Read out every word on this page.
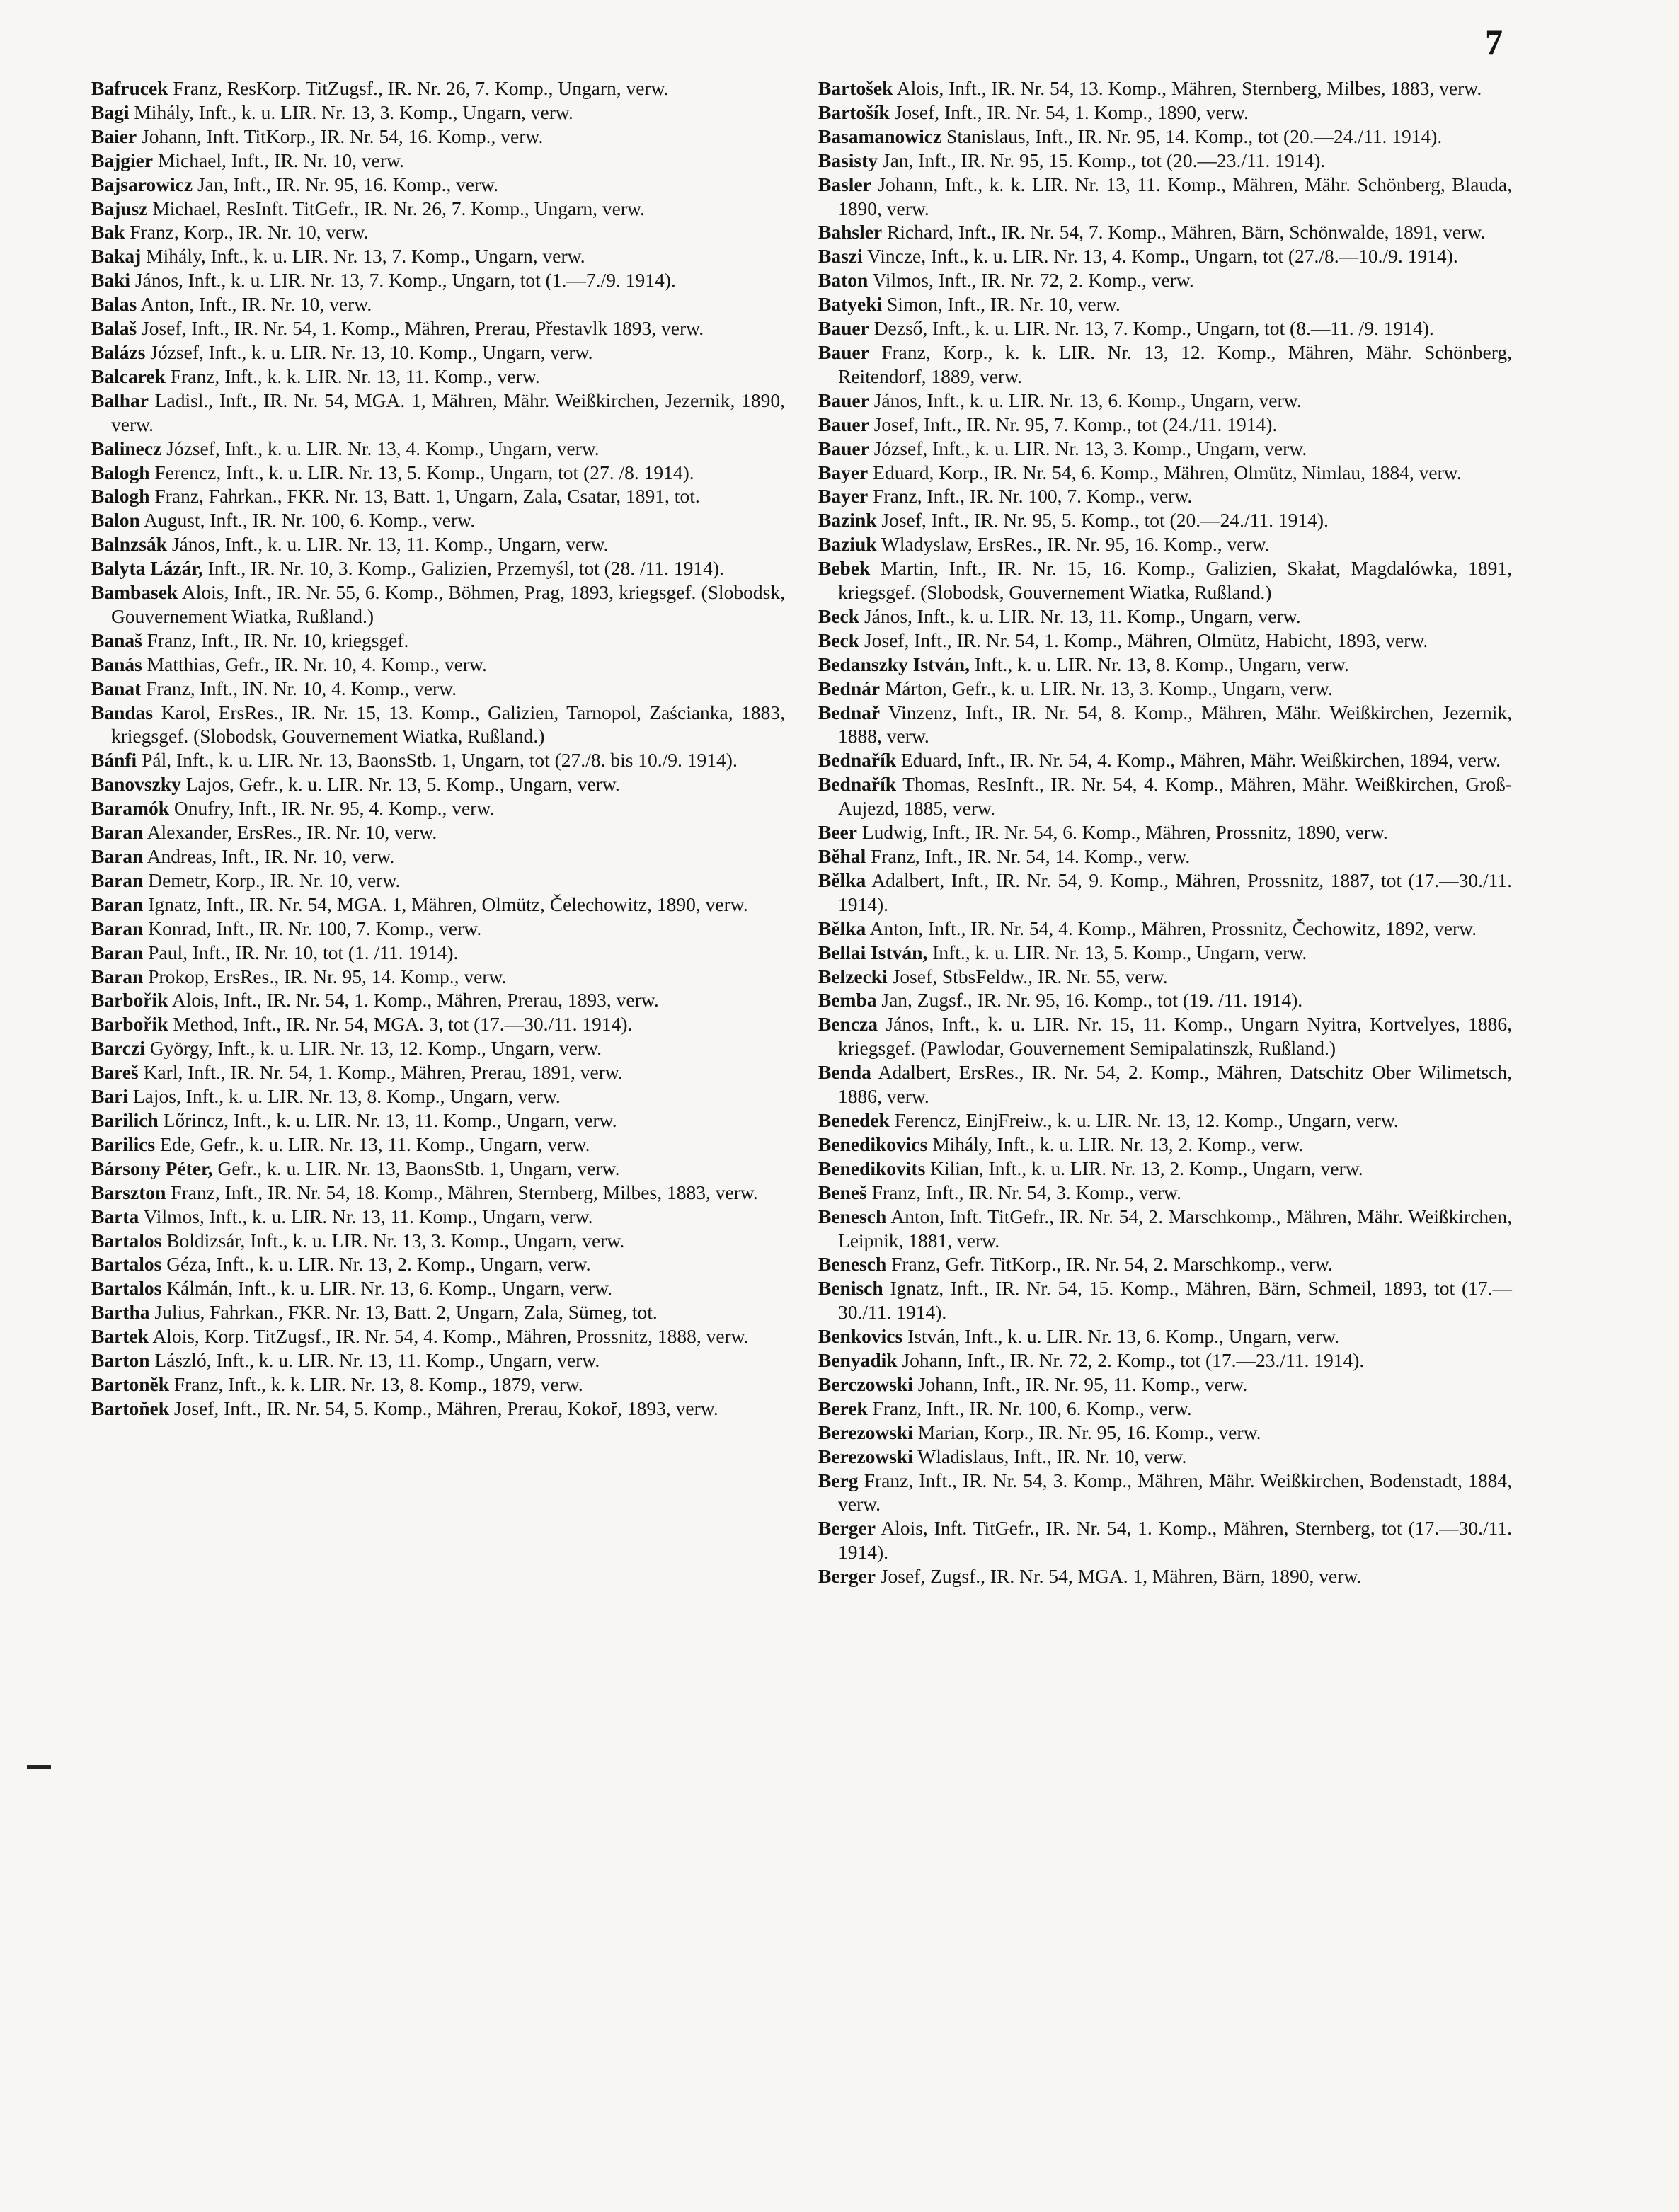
7

Bafrucek Franz, ResKorp. TitZugsf., IR. Nr. 26, 7. Komp., Ungarn, verw.

Bagi Mihály, Inft., k. u. LIR. Nr. 13, 3. Komp., Ungarn, verw.

Baier Johann, Inft. TitKorp., IR. Nr. 54, 16. Komp., verw.

Bajgier Michael, Inft., IR. Nr. 10, verw.

Bajsarowicz Jan, Inft., IR. Nr. 95, 16. Komp., verw.

Bajusz Michael, ResInft. TitGefr., IR. Nr. 26, 7. Komp., Ungarn, verw.

Bak Franz, Korp., IR. Nr. 10, verw.

Bakaj Mihály, Inft., k. u. LIR. Nr. 13, 7. Komp., Ungarn, verw.

Baki János, Inft., k. u. LIR. Nr. 13, 7. Komp., Ungarn, tot (1.—7./9. 1914).

Balas Anton, Inft., IR. Nr. 10, verw.

Balaš Josef, Inft., IR. Nr. 54, 1. Komp., Mähren, Prerau, Přestavlk 1893, verw.

Balázs József, Inft., k. u. LIR. Nr. 13, 10. Komp., Ungarn, verw.

Balcarek Franz, Inft., k. k. LIR. Nr. 13, 11. Komp., verw.

Balhar Ladisl., Inft., IR. Nr. 54, MGA. 1, Mähren, Mähr. Weißkirchen, Jezernik, 1890, verw.

Balinecz József, Inft., k. u. LIR. Nr. 13, 4. Komp., Ungarn, verw.

Balogh Ferencz, Inft., k. u. LIR. Nr. 13, 5. Komp., Ungarn, tot (27. /8. 1914).

Balogh Franz, Fahrkan., FKR. Nr. 13, Batt. 1, Ungarn, Zala, Csatar, 1891, tot.

Balon August, Inft., IR. Nr. 100, 6. Komp., verw.

Balnzsák János, Inft., k. u. LIR. Nr. 13, 11. Komp., Ungarn, verw.

Balyta Lázár, Inft., IR. Nr. 10, 3. Komp., Galizien, Przemyśl, tot (28. /11. 1914).

Bambasek Alois, Inft., IR. Nr. 55, 6. Komp., Böhmen, Prag, 1893, kriegsgef. (Slobodsk, Gouvernement Wiatka, Rußland.)

Banaš Franz, Inft., IR. Nr. 10, kriegsgef.

Banás Matthias, Gefr., IR. Nr. 10, 4. Komp., verw.

Banat Franz, Inft., IN. Nr. 10, 4. Komp., verw.

Bandas Karol, ErsRes., IR. Nr. 15, 13. Komp., Galizien, Tarnopol, Zaścianka, 1883, kriegsgef. (Slobodsk, Gouvernement Wiatka, Rußland.)

Bánfi Pál, Inft., k. u. LIR. Nr. 13, BaonsStb. 1, Ungarn, tot (27./8. bis 10./9. 1914).

Banovszky Lajos, Gefr., k. u. LIR. Nr. 13, 5. Komp., Ungarn, verw.

Baramók Onufry, Inft., IR. Nr. 95, 4. Komp., verw.

Baran Alexander, ErsRes., IR. Nr. 10, verw.

Baran Andreas, Inft., IR. Nr. 10, verw.

Baran Demetr, Korp., IR. Nr. 10, verw.

Baran Ignatz, Inft., IR. Nr. 54, MGA. 1, Mähren, Olmütz, Čelechowitz, 1890, verw.

Baran Konrad, Inft., IR. Nr. 100, 7. Komp., verw.

Baran Paul, Inft., IR. Nr. 10, tot (1. /11. 1914).

Baran Prokop, ErsRes., IR. Nr. 95, 14. Komp., verw.

Barbořik Alois, Inft., IR. Nr. 54, 1. Komp., Mähren, Prerau, 1893, verw.

Barbořik Method, Inft., IR. Nr. 54, MGA. 3, tot (17.—30./11. 1914).

Barczi György, Inft., k. u. LIR. Nr. 13, 12. Komp., Ungarn, verw.

Bareš Karl, Inft., IR. Nr. 54, 1. Komp., Mähren, Prerau, 1891, verw.

Bari Lajos, Inft., k. u. LIR. Nr. 13, 8. Komp., Ungarn, verw.

Barilich Lőrincz, Inft., k. u. LIR. Nr. 13, 11. Komp., Ungarn, verw.

Barilics Ede, Gefr., k. u. LIR. Nr. 13, 11. Komp., Ungarn, verw.

Bársony Péter, Gefr., k. u. LIR. Nr. 13, BaonsStb. 1, Ungarn, verw.

Barszton Franz, Inft., IR. Nr. 54, 18. Komp., Mähren, Sternberg, Milbes, 1883, verw.

Barta Vilmos, Inft., k. u. LIR. Nr. 13, 11. Komp., Ungarn, verw.

Bartalos Boldizsár, Inft., k. u. LIR. Nr. 13, 3. Komp., Ungarn, verw.

Bartalos Géza, Inft., k. u. LIR. Nr. 13, 2. Komp., Ungarn, verw.

Bartalos Kálmán, Inft., k. u. LIR. Nr. 13, 6. Komp., Ungarn, verw.

Bartha Julius, Fahrkan., FKR. Nr. 13, Batt. 2, Ungarn, Zala, Sümeg, tot.

Bartek Alois, Korp. TitZugsf., IR. Nr. 54, 4. Komp., Mähren, Prossnitz, 1888, verw.

Barton László, Inft., k. u. LIR. Nr. 13, 11. Komp., Ungarn, verw.

Bartoněk Franz, Inft., k. k. LIR. Nr. 13, 8. Komp., 1879, verw.

Bartoňek Josef, Inft., IR. Nr. 54, 5. Komp., Mähren, Prerau, Kokoř, 1893, verw.

Bartošek Alois, Inft., IR. Nr. 54, 13. Komp., Mähren, Sternberg, Milbes, 1883, verw.

Bartošík Josef, Inft., IR. Nr. 54, 1. Komp., 1890, verw.

Basamanowicz Stanislaus, Inft., IR. Nr. 95, 14. Komp., tot (20.—24./11. 1914).

Basisty Jan, Inft., IR. Nr. 95, 15. Komp., tot (20.—23./11. 1914).

Basler Johann, Inft., k. k. LIR. Nr. 13, 11. Komp., Mähren, Mähr. Schönberg, Blauda, 1890, verw.

Bahsler Richard, Inft., IR. Nr. 54, 7. Komp., Mähren, Bärn, Schönwalde, 1891, verw.

Baszi Vincze, Inft., k. u. LIR. Nr. 13, 4. Komp., Ungarn, tot (27./8.—10./9. 1914).

Baton Vilmos, Inft., IR. Nr. 72, 2. Komp., verw.

Batyeki Simon, Inft., IR. Nr. 10, verw.

Bauer Dezső, Inft., k. u. LIR. Nr. 13, 7. Komp., Ungarn, tot (8.—11. /9. 1914).

Bauer Franz, Korp., k. k. LIR. Nr. 13, 12. Komp., Mähren, Mähr. Schönberg, Reitendorf, 1889, verw.

Bauer János, Inft., k. u. LIR. Nr. 13, 6. Komp., Ungarn, verw.

Bauer Josef, Inft., IR. Nr. 95, 7. Komp., tot (24./11. 1914).

Bauer József, Inft., k. u. LIR. Nr. 13, 3. Komp., Ungarn, verw.

Bayer Eduard, Korp., IR. Nr. 54, 6. Komp., Mähren, Olmütz, Nimlau, 1884, verw.

Bayer Franz, Inft., IR. Nr. 100, 7. Komp., verw.

Bazink Josef, Inft., IR. Nr. 95, 5. Komp., tot (20.—24./11. 1914).

Baziuk Wladyslaw, ErsRes., IR. Nr. 95, 16. Komp., verw.

Bebek Martin, Inft., IR. Nr. 15, 16. Komp., Galizien, Skałat, Magdalówka, 1891, kriegsgef. (Slobodsk, Gouvernement Wiatka, Rußland.)

Beck János, Inft., k. u. LIR. Nr. 13, 11. Komp., Ungarn, verw.

Beck Josef, Inft., IR. Nr. 54, 1. Komp., Mähren, Olmütz, Habicht, 1893, verw.

Bedanszky István, Inft., k. u. LIR. Nr. 13, 8. Komp., Ungarn, verw.

Bednár Márton, Gefr., k. u. LIR. Nr. 13, 3. Komp., Ungarn, verw.

Bednař Vinzenz, Inft., IR. Nr. 54, 8. Komp., Mähren, Mähr. Weißkirchen, Jezernik, 1888, verw.

Bednařík Eduard, Inft., IR. Nr. 54, 4. Komp., Mähren, Mähr. Weißkirchen, 1894, verw.

Bednařík Thomas, ResInft., IR. Nr. 54, 4. Komp., Mähren, Mähr. Weißkirchen, Groß-Aujezd, 1885, verw.

Beer Ludwig, Inft., IR. Nr. 54, 6. Komp., Mähren, Prossnitz, 1890, verw.

Běhal Franz, Inft., IR. Nr. 54, 14. Komp., verw.

Bělka Adalbert, Inft., IR. Nr. 54, 9. Komp., Mähren, Prossnitz, 1887, tot (17.—30./11. 1914).

Bělka Anton, Inft., IR. Nr. 54, 4. Komp., Mähren, Prossnitz, Čechowitz, 1892, verw.

Bellai István, Inft., k. u. LIR. Nr. 13, 5. Komp., Ungarn, verw.

Belzecki Josef, StbsFeldw., IR. Nr. 55, verw.

Bemba Jan, Zugsf., IR. Nr. 95, 16. Komp., tot (19. /11. 1914).

Bencza János, Inft., k. u. LIR. Nr. 15, 11. Komp., Ungarn Nyitra, Kortvelyes, 1886, kriegsgef. (Pawlodar, Gouvernement Semipalatinszk, Rußland.)

Benda Adalbert, ErsRes., IR. Nr. 54, 2. Komp., Mähren, Datschitz Ober Wilimetsch, 1886, verw.

Benedek Ferencz, EinjFreiw., k. u. LIR. Nr. 13, 12. Komp., Ungarn, verw.

Benedikovics Mihály, Inft., k. u. LIR. Nr. 13, 2. Komp., verw.

Benedikovits Kilian, Inft., k. u. LIR. Nr. 13, 2. Komp., Ungarn, verw.

Beneš Franz, Inft., IR. Nr. 54, 3. Komp., verw.

Benesch Anton, Inft. TitGefr., IR. Nr. 54, 2. Marschkomp., Mähren, Mähr. Weißkirchen, Leipnik, 1881, verw.

Benesch Franz, Gefr. TitKorp., IR. Nr. 54, 2. Marschkomp., verw.

Benisch Ignatz, Inft., IR. Nr. 54, 15. Komp., Mähren, Bärn, Schmeil, 1893, tot (17.—30./11. 1914).

Benkovics István, Inft., k. u. LIR. Nr. 13, 6. Komp., Ungarn, verw.

Benyadik Johann, Inft., IR. Nr. 72, 2. Komp., tot (17.—23./11. 1914).

Berczowski Johann, Inft., IR. Nr. 95, 11. Komp., verw.

Berek Franz, Inft., IR. Nr. 100, 6. Komp., verw.

Berezowski Marian, Korp., IR. Nr. 95, 16. Komp., verw.

Berezowski Wladislaus, Inft., IR. Nr. 10, verw.

Berg Franz, Inft., IR. Nr. 54, 3. Komp., Mähren, Mähr. Weißkirchen, Bodenstadt, 1884, verw.

Berger Alois, Inft. TitGefr., IR. Nr. 54, 1. Komp., Mähren, Sternberg, tot (17.—30./11. 1914).

Berger Josef, Zugsf., IR. Nr. 54, MGA. 1, Mähren, Bärn, 1890, verw.
